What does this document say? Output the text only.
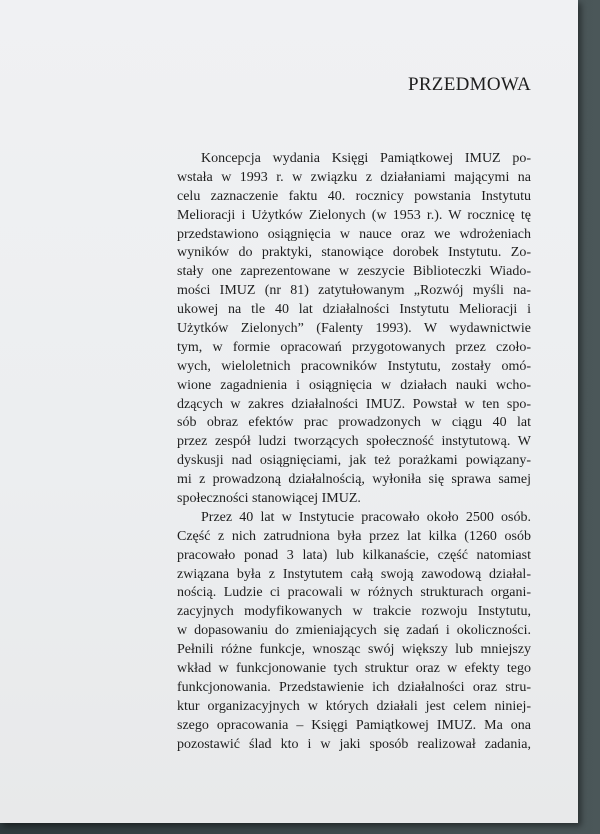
PRZEDMOWA
Koncepcja wydania Księgi Pamiątkowej IMUZ po-
wstała w 1993 r. w związku z działaniami mającymi na
celu zaznaczenie faktu 40. rocznicy powstania Instytutu
Melioracji i Użytków Zielonych (w 1953 r.). W rocznicę tę
przedstawiono osiągnięcia w nauce oraz we wdrożeniach
wyników do praktyki, stanowiące dorobek Instytutu. Zo-
stały one zaprezentowane w zeszycie Biblioteczki Wiado-
mości IMUZ (nr 81) zatytułowanym „Rozwój myśli na-
ukowej na tle 40 lat działalności Instytutu Melioracji i
Użytków Zielonych” (Falenty 1993). W wydawnictwie
tym, w formie opracowań przygotowanych przez czoło-
wych, wieloletnich pracowników Instytutu, zostały omó-
wione zagadnienia i osiągnięcia w działach nauki wcho-
dzących w zakres działalności IMUZ. Powstał w ten spo-
sób obraz efektów prac prowadzonych w ciągu 40 lat
przez zespół ludzi tworzących społeczność instytutową. W
dyskusji nad osiągnięciami, jak też porażkami powiązany-
mi z prowadzoną działalnością, wyłoniła się sprawa samej
społeczności stanowiącej IMUZ.
Przez 40 lat w Instytucie pracowało około 2500 osób.
Część z nich zatrudniona była przez lat kilka (1260 osób
pracowało ponad 3 lata) lub kilkanaście, część natomiast
związana była z Instytutem całą swoją zawodową działal-
nością. Ludzie ci pracowali w różnych strukturach organi-
zacyjnych modyfikowanych w trakcie rozwoju Instytutu,
w dopasowaniu do zmieniających się zadań i okoliczności.
Pełnili różne funkcje, wnosząc swój większy lub mniejszy
wkład w funkcjonowanie tych struktur oraz w efekty tego
funkcjonowania. Przedstawienie ich działalności oraz stru-
ktur organizacyjnych w których działali jest celem niniej-
szego opracowania – Księgi Pamiątkowej IMUZ. Ma ona
pozostawić ślad kto i w jaki sposób realizował zadania,
